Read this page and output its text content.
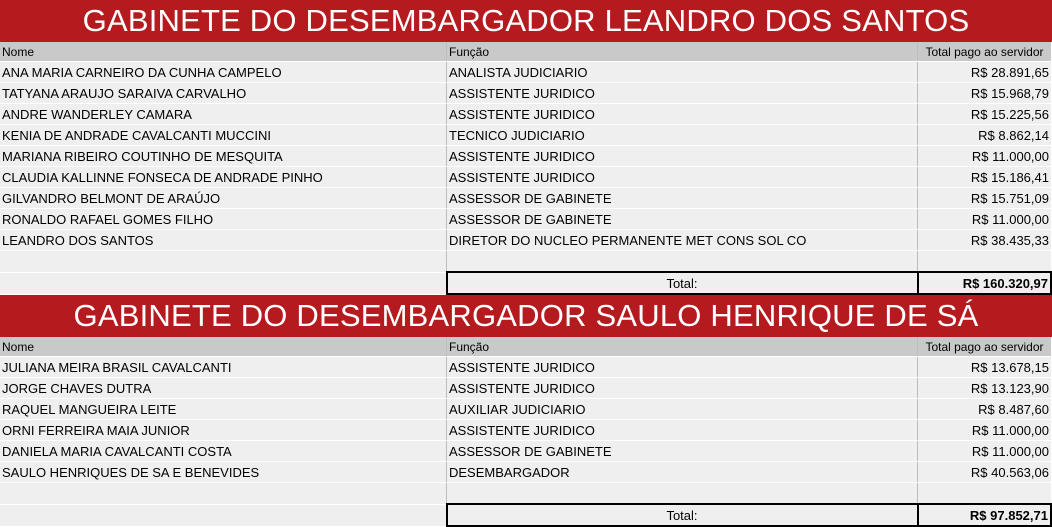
GABINETE DO DESEMBARGADOR LEANDRO DOS SANTOS
Nome	Função	Total pago ao servidor
ANA MARIA CARNEIRO DA CUNHA CAMPELO	ANALISTA JUDICIARIO	R$ 28.891,65
TATYANA ARAUJO SARAIVA CARVALHO	ASSISTENTE JURIDICO	R$ 15.968,79
ANDRE WANDERLEY CAMARA	ASSISTENTE JURIDICO	R$ 15.225,56
KENIA DE ANDRADE CAVALCANTI MUCCINI	TECNICO JUDICIARIO	R$ 8.862,14
MARIANA RIBEIRO COUTINHO DE MESQUITA	ASSISTENTE JURIDICO	R$ 11.000,00
CLAUDIA KALLINNE FONSECA DE ANDRADE PINHO	ASSISTENTE JURIDICO	R$ 15.186,41
GILVANDRO BELMONT DE ARAÚJO	ASSESSOR DE GABINETE	R$ 15.751,09
RONALDO RAFAEL GOMES FILHO	ASSESSOR DE GABINETE	R$ 11.000,00
LEANDRO DOS SANTOS	DIRETOR DO NUCLEO PERMANENTE MET CONS SOL CO	R$ 38.435,33

	Total:	R$ 160.320,97
GABINETE DO DESEMBARGADOR SAULO HENRIQUE DE SÁ
Nome	Função	Total pago ao servidor
JULIANA MEIRA BRASIL CAVALCANTI	ASSISTENTE JURIDICO	R$ 13.678,15
JORGE CHAVES DUTRA	ASSISTENTE JURIDICO	R$ 13.123,90
RAQUEL MANGUEIRA LEITE	AUXILIAR JUDICIARIO	R$ 8.487,60
ORNI FERREIRA MAIA JUNIOR	ASSISTENTE JURIDICO	R$ 11.000,00
DANIELA MARIA CAVALCANTI COSTA	ASSESSOR DE GABINETE	R$ 11.000,00
SAULO HENRIQUES DE SA E BENEVIDES	DESEMBARGADOR	R$ 40.563,06

	Total:	R$ 97.852,71
